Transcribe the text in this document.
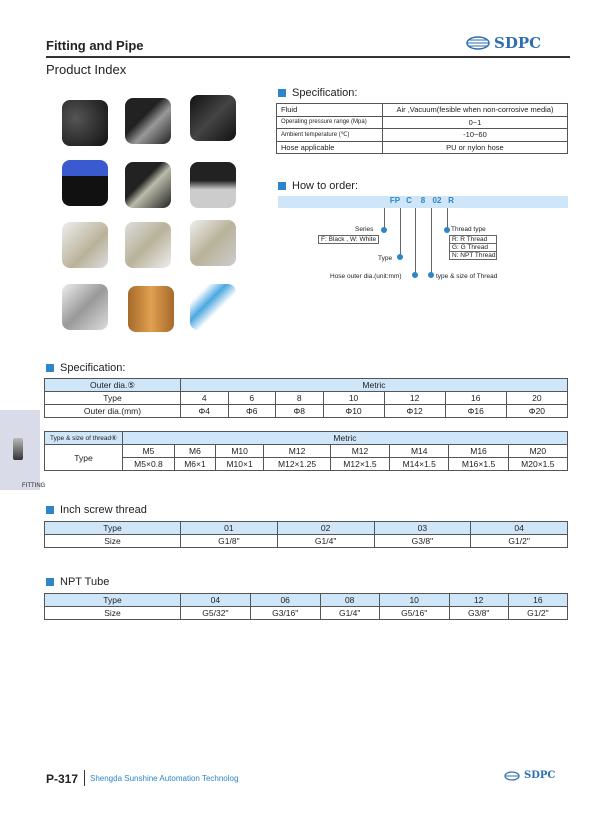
Fitting and Pipe	SDPC
Product Index
Specification:
Fluid	Air ,Vacuum(fesible when non-corrosive media)
Operating pressure range (Mpa)	0~1
Ambient temperature (℃)	-10~60
Hose applicable	PU or nylon hose
How to order:
FP C 8 02 R
Series
F: Black , W: White
Type
Hose outer dia.(unit:mm)	type & size of Thread
Thread type
R: R Thread
G: G Thread
N: NPT Thread
Specification:
Outer dia.⑤	Metric						
Type	4	6	8	10	12	16	20
Outer dia.(mm)	Φ4	Φ6	Φ8	Φ10	Φ12	Φ16	Φ20
FITTING
Type & size of thread⑥	Metric							
Type	M5	M6	M10	M12	M12	M14	M16	M20
	M5×0.8	M6×1	M10×1	M12×1.25	M12×1.5	M14×1.5	M16×1.5	M20×1.5
Inch screw thread
Type	01	02	03	04
Size	G1/8"	G1/4"	G3/8"	G1/2"
NPT Tube
Type	04	06	08	10	12	16
Size	G5/32"	G3/16"	G1/4"	G5/16"	G3/8"	G1/2"
P-317 Shengda Sunshine Automation Technolog	SDPC
